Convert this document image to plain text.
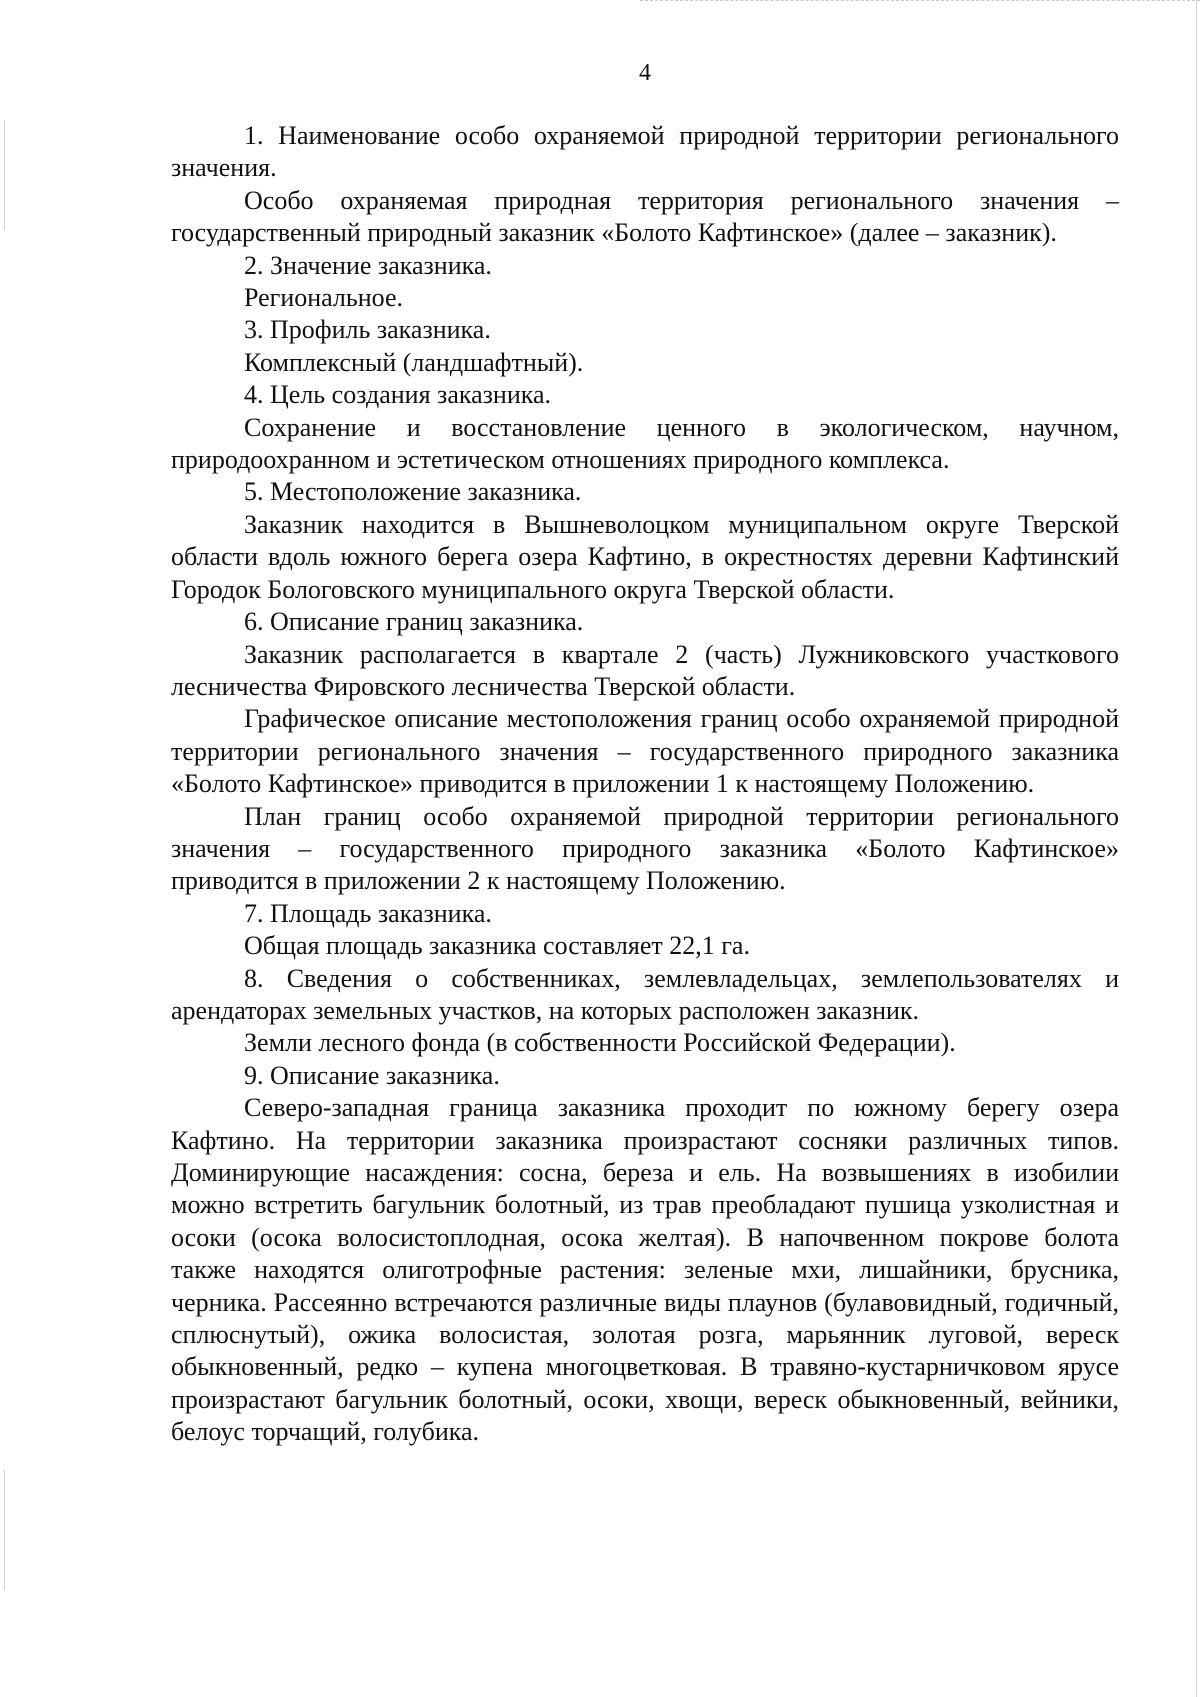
4

1. Наименование особо охраняемой природной территории регионального значения.

Особо охраняемая природная территория регионального значения – государственный природный заказник «Болото Кафтинское» (далее – заказник).

2. Значение заказника.

Региональное.

3. Профиль заказника.

Комплексный (ландшафтный).

4. Цель создания заказника.

Сохранение и восстановление ценного в экологическом, научном, природоохранном и эстетическом отношениях природного комплекса.

5. Местоположение заказника.

Заказник находится в Вышневолоцком муниципальном округе Тверской области вдоль южного берега озера Кафтино, в окрестностях деревни Кафтинский Городок Бологовского муниципального округа Тверской области.

6. Описание границ заказника.

Заказник располагается в квартале 2 (часть) Лужниковского участкового лесничества Фировского лесничества Тверской области.

Графическое описание местоположения границ особо охраняемой природной территории регионального значения – государственного природного заказника «Болото Кафтинское» приводится в приложении 1 к настоящему Положению.

План границ особо охраняемой природной территории регионального значения – государственного природного заказника «Болото Кафтинское» приводится в приложении 2 к настоящему Положению.

7. Площадь заказника.

Общая площадь заказника составляет 22,1 га.

8. Сведения о собственниках, землевладельцах, землепользователях и арендаторах земельных участков, на которых расположен заказник.

Земли лесного фонда (в собственности Российской Федерации).

9. Описание заказника.

Северо-западная граница заказника проходит по южному берегу озера Кафтино. На территории заказника произрастают сосняки различных типов. Доминирующие насаждения: сосна, береза и ель. На возвышениях в изобилии можно встретить багульник болотный, из трав преобладают пушица узколистная и осоки (осока волосистоплодная, осока желтая). В напочвенном покрове болота также находятся олиготрофные растения: зеленые мхи, лишайники, брусника, черника. Рассеянно встречаются различные виды плаунов (булавовидный, годичный, сплюснутый), ожика волосистая, золотая розга, марьянник луговой, вереск обыкновенный, редко – купена многоцветковая. В травяно-кустарничковом ярусе произрастают багульник болотный, осоки, хвощи, вереск обыкновенный, вейники, белоус торчащий, голубика.
